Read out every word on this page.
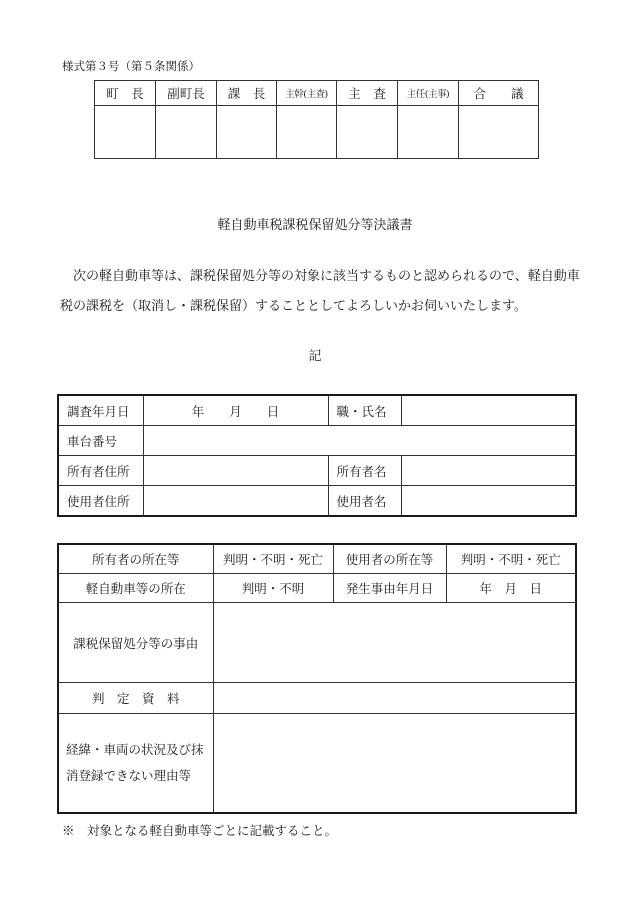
様式第３号（第５条関係）
町　長	副町長	課　長	主幹(主査)	主　査	主任(主事)	合　　議

軽自動車税課税保留処分等決議書
次の軽自動車等は、課税保留処分等の対象に該当するものと認められるので、軽自動車税の課税を（取消し・課税保留）することとしてよろしいかお伺いいたします。
記
調査年月日	年　　月　　日	職・氏名	
車台番号			
所有者住所		所有者名	
使用者住所		使用者名	
所有者の所在等	判明・不明・死亡	使用者の所在等	判明・不明・死亡
軽自動車等の所在	判明・不明	発生事由年月日	年　月　日
課税保留処分等の事由			
判　定　資　料			
経緯・車両の状況及び抹
消登録できない理由等			
※　対象となる軽自動車等ごとに記載すること。
